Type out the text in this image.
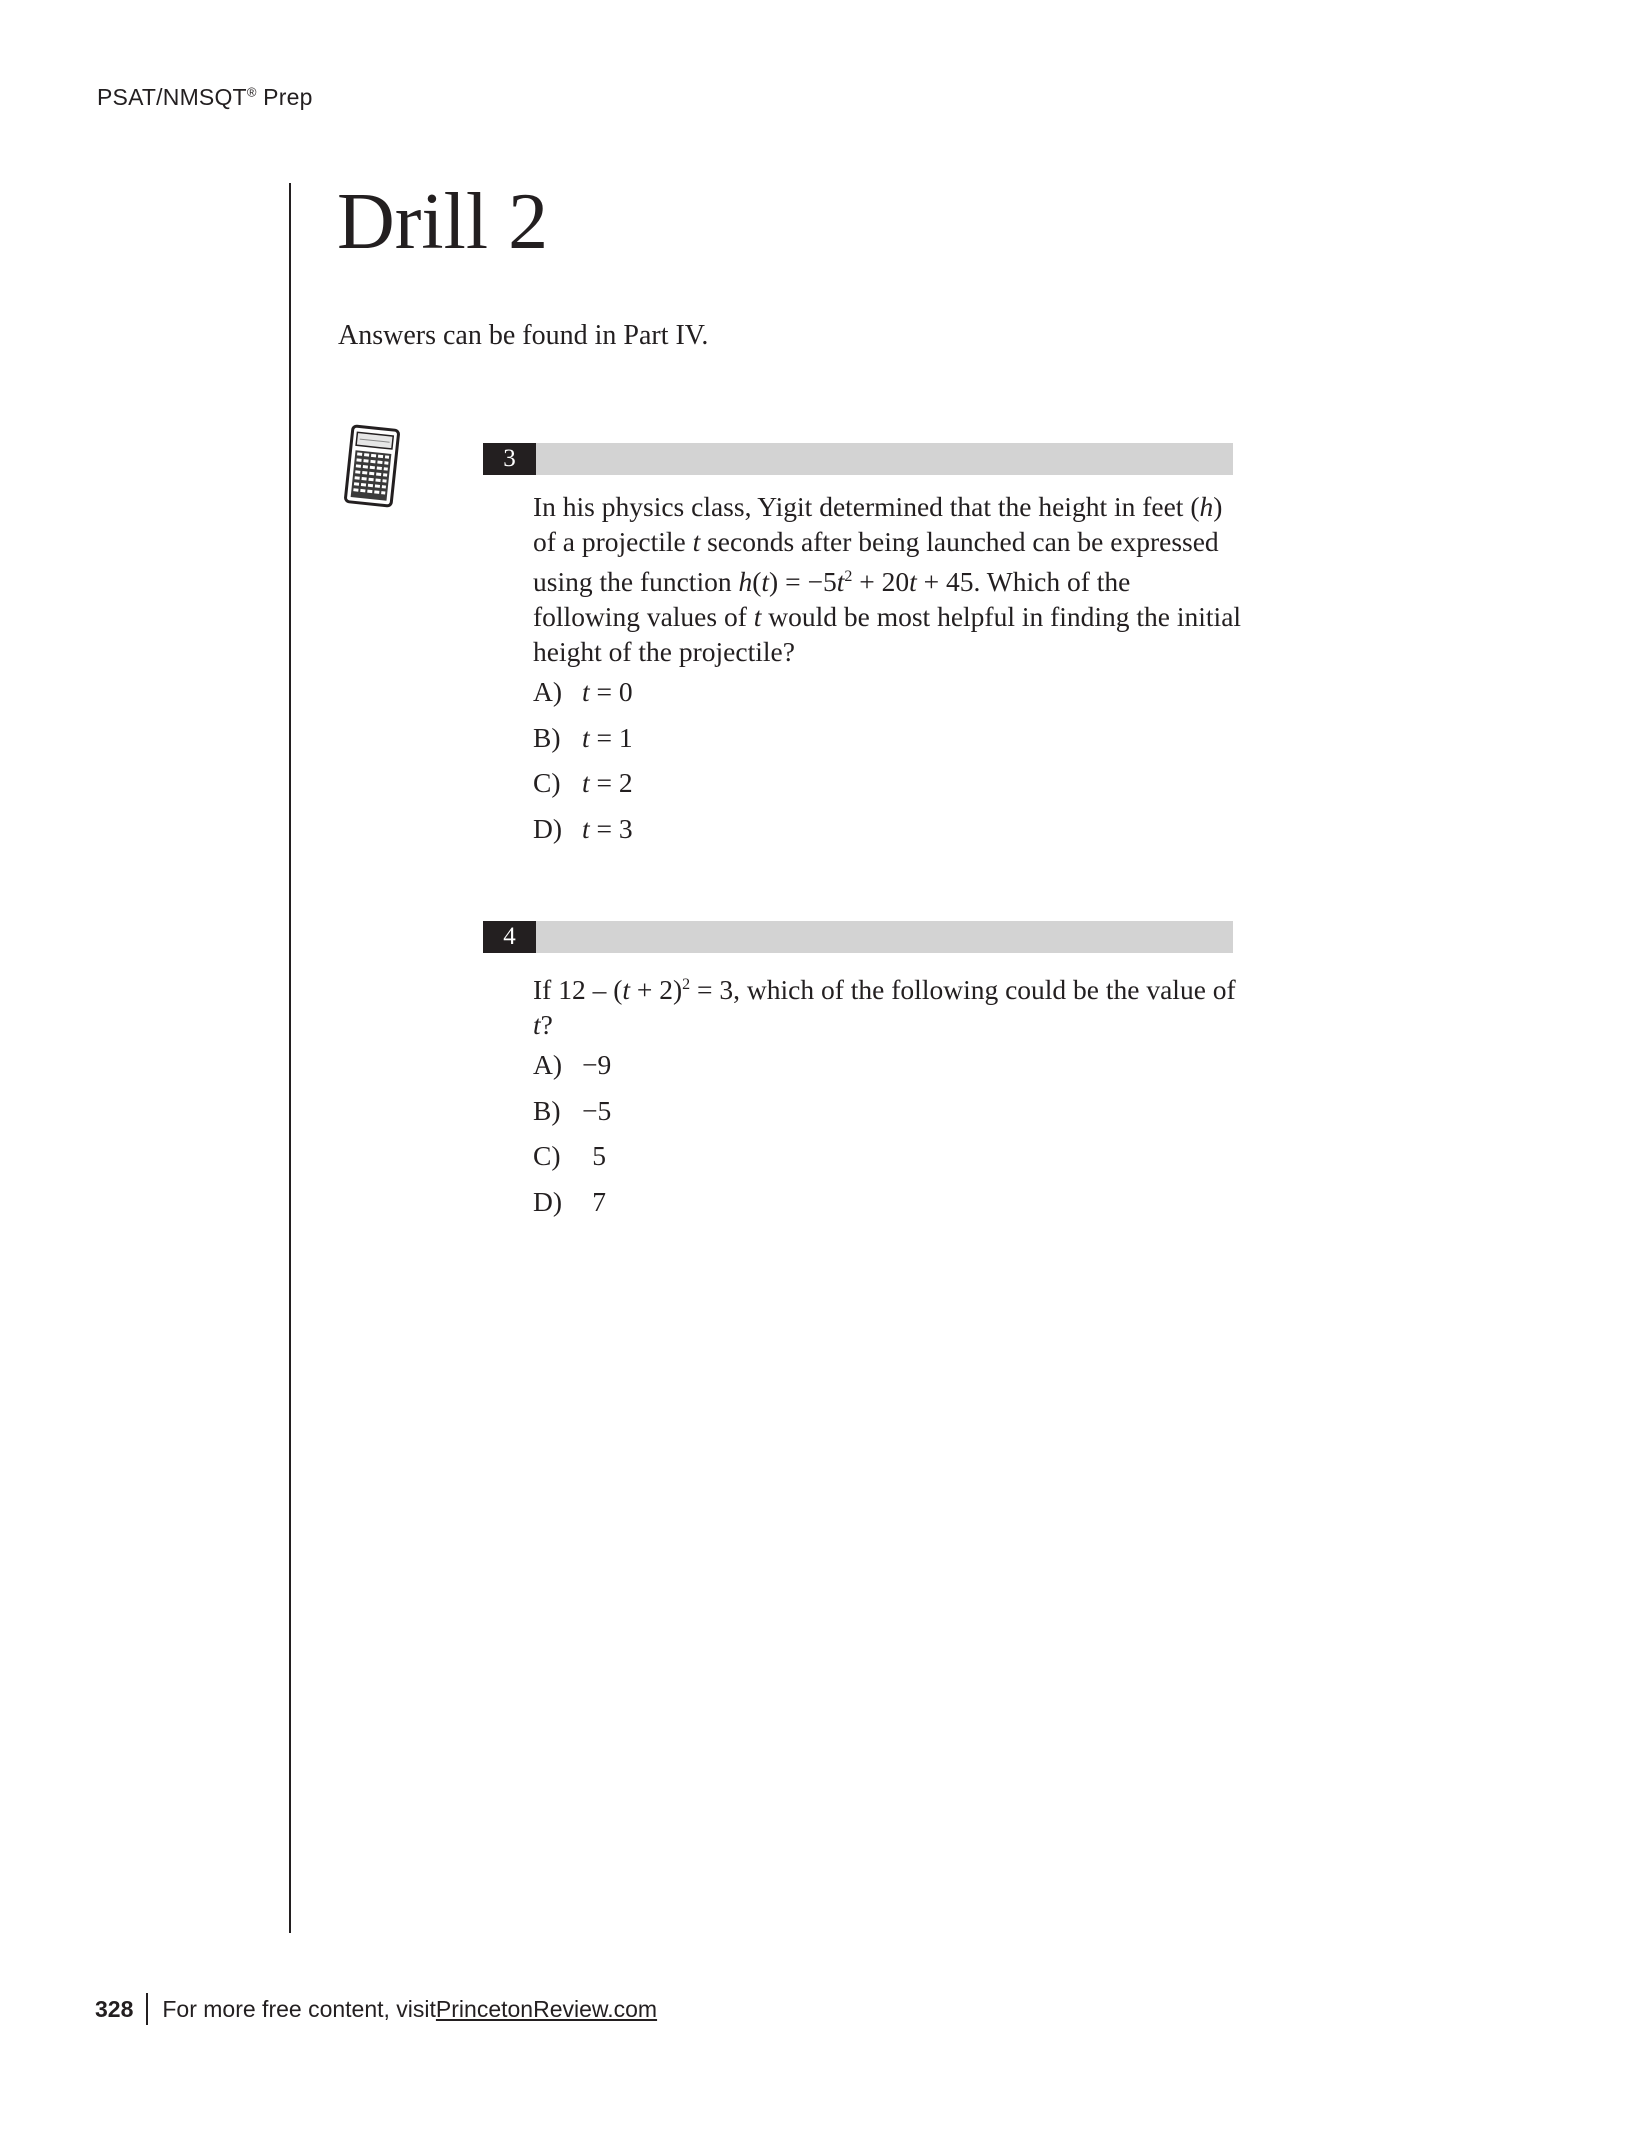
PSAT/NMSQT® Prep
Drill 2
Answers can be found in Part IV.
3
In his physics class, Yigit determined that the height in feet (h) of a projectile t seconds after being launched can be expressed using the function $h(t) = -5t^2 + 20t + 45$. Which of the following values of t would be most helpful in finding the initial height of the projectile?
A) t = 0
B) t = 1
C) t = 2
D) t = 3
4
If $12 - (t + 2)^2 = 3$, which of the following could be the value of t?
A) −9
B) −5
C) 5
D) 7
328 For more free content, visit PrincetonReview.com
